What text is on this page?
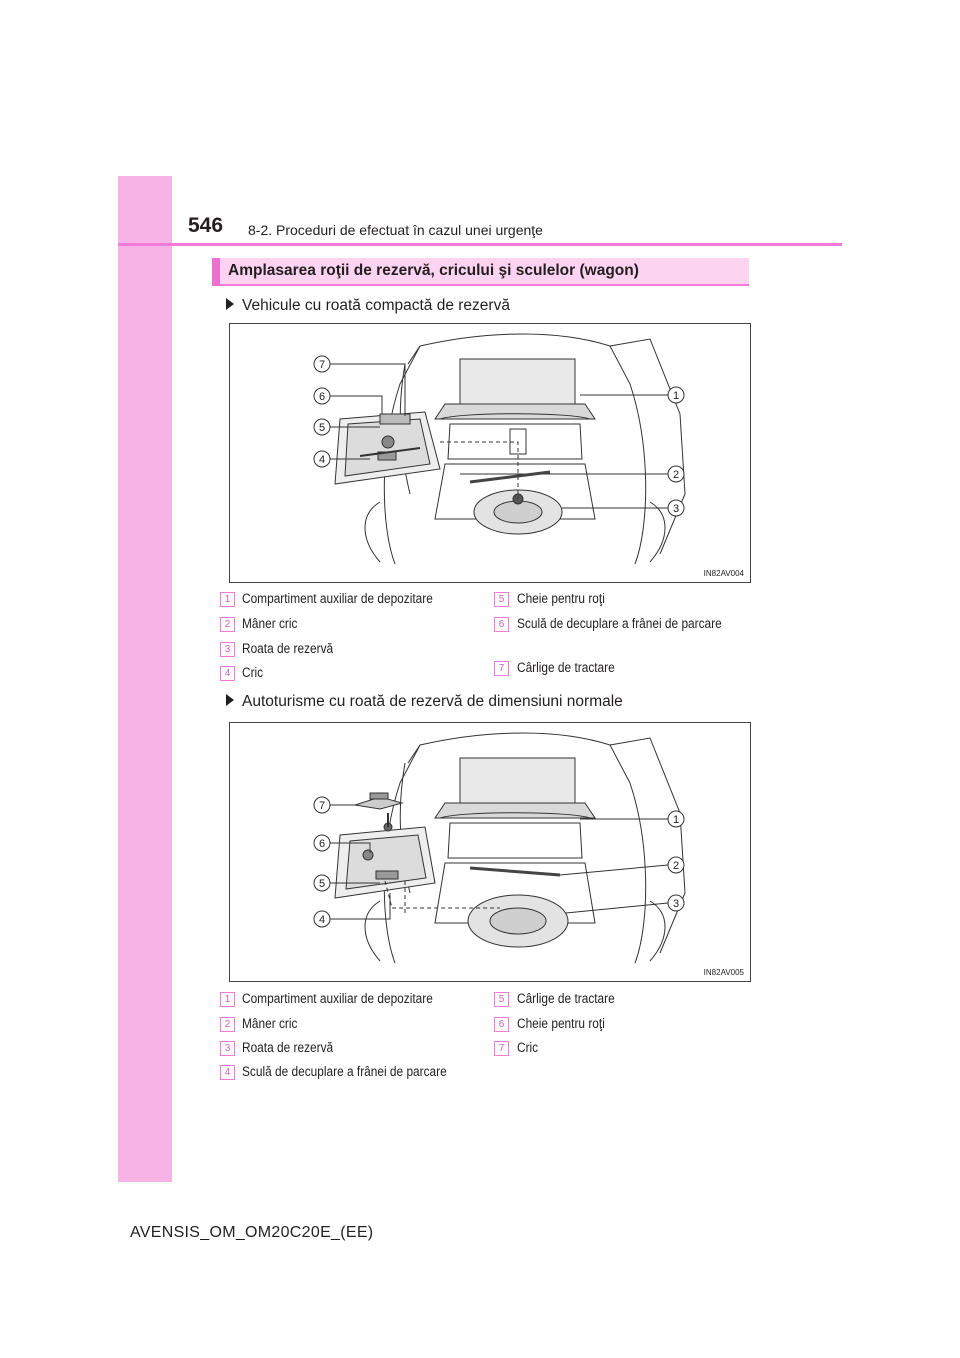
546 8-2. Proceduri de efectuat în cazul unei urgenţe
Amplasarea roţii de rezervă, cricului şi sculelor (wagon)
Vehicule cu roată compactă de rezervă
7
6
5
4
1
2
3
IN82AV004
1 Compartiment auxiliar de depozitare
2 Mâner cric
3 Roata de rezervă
4 Cric
5 Cheie pentru roţi
6 Sculă de decuplare a frânei de parcare
7 Cârlige de tractare
Autoturisme cu roată de rezervă de dimensiuni normale
7
6
5
4
1
2
3
IN82AV005
1 Compartiment auxiliar de depozitare
2 Mâner cric
3 Roata de rezervă
4 Sculă de decuplare a frânei de parcare
5 Cârlige de tractare
6 Cheie pentru roţi
7 Cric
AVENSIS_OM_OM20C20E_(EE)
